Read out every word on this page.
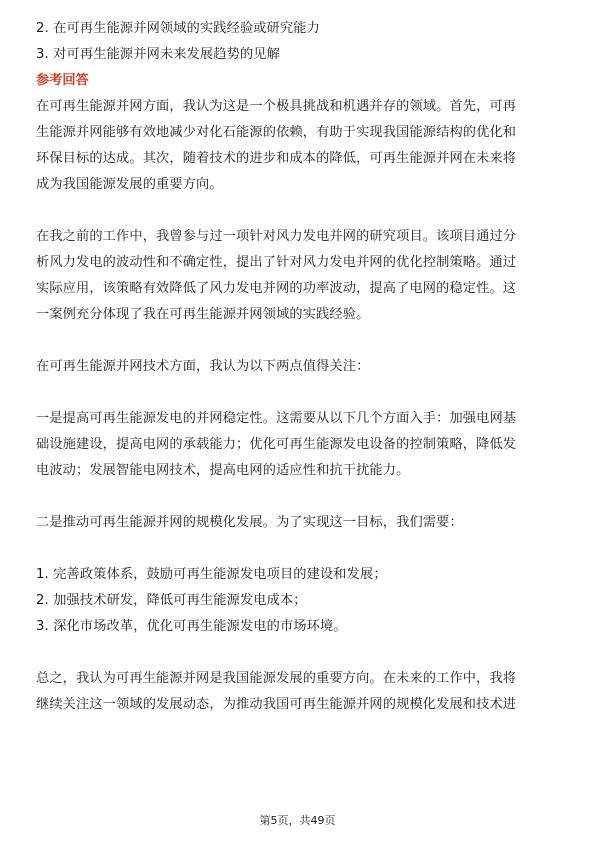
2. 在可再生能源并网领域的实践经验或研究能力
3. 对可再生能源并网未来发展趋势的见解
参考回答
在可再生能源并网方面，我认为这是一个极具挑战和机遇并存的领域。首先，可再
生能源并网能够有效地减少对化石能源的依赖，有助于实现我国能源结构的优化和
环保目标的达成。其次，随着技术的进步和成本的降低，可再生能源并网在未来将
成为我国能源发展的重要方向。
在我之前的工作中，我曾参与过一项针对风力发电并网的研究项目。该项目通过分
析风力发电的波动性和不确定性，提出了针对风力发电并网的优化控制策略。通过
实际应用，该策略有效降低了风力发电并网的功率波动，提高了电网的稳定性。这
一案例充分体现了我在可再生能源并网领域的实践经验。
在可再生能源并网技术方面，我认为以下两点值得关注：
一是提高可再生能源发电的并网稳定性。这需要从以下几个方面入手：加强电网基
础设施建设，提高电网的承载能力；优化可再生能源发电设备的控制策略，降低发
电波动；发展智能电网技术，提高电网的适应性和抗干扰能力。
二是推动可再生能源并网的规模化发展。为了实现这一目标，我们需要：
1. 完善政策体系，鼓励可再生能源发电项目的建设和发展；
2. 加强技术研发，降低可再生能源发电成本；
3. 深化市场改革，优化可再生能源发电的市场环境。
总之，我认为可再生能源并网是我国能源发展的重要方向。在未来的工作中，我将
继续关注这一领域的发展动态，为推动我国可再生能源并网的规模化发展和技术进
第5页，共49页
